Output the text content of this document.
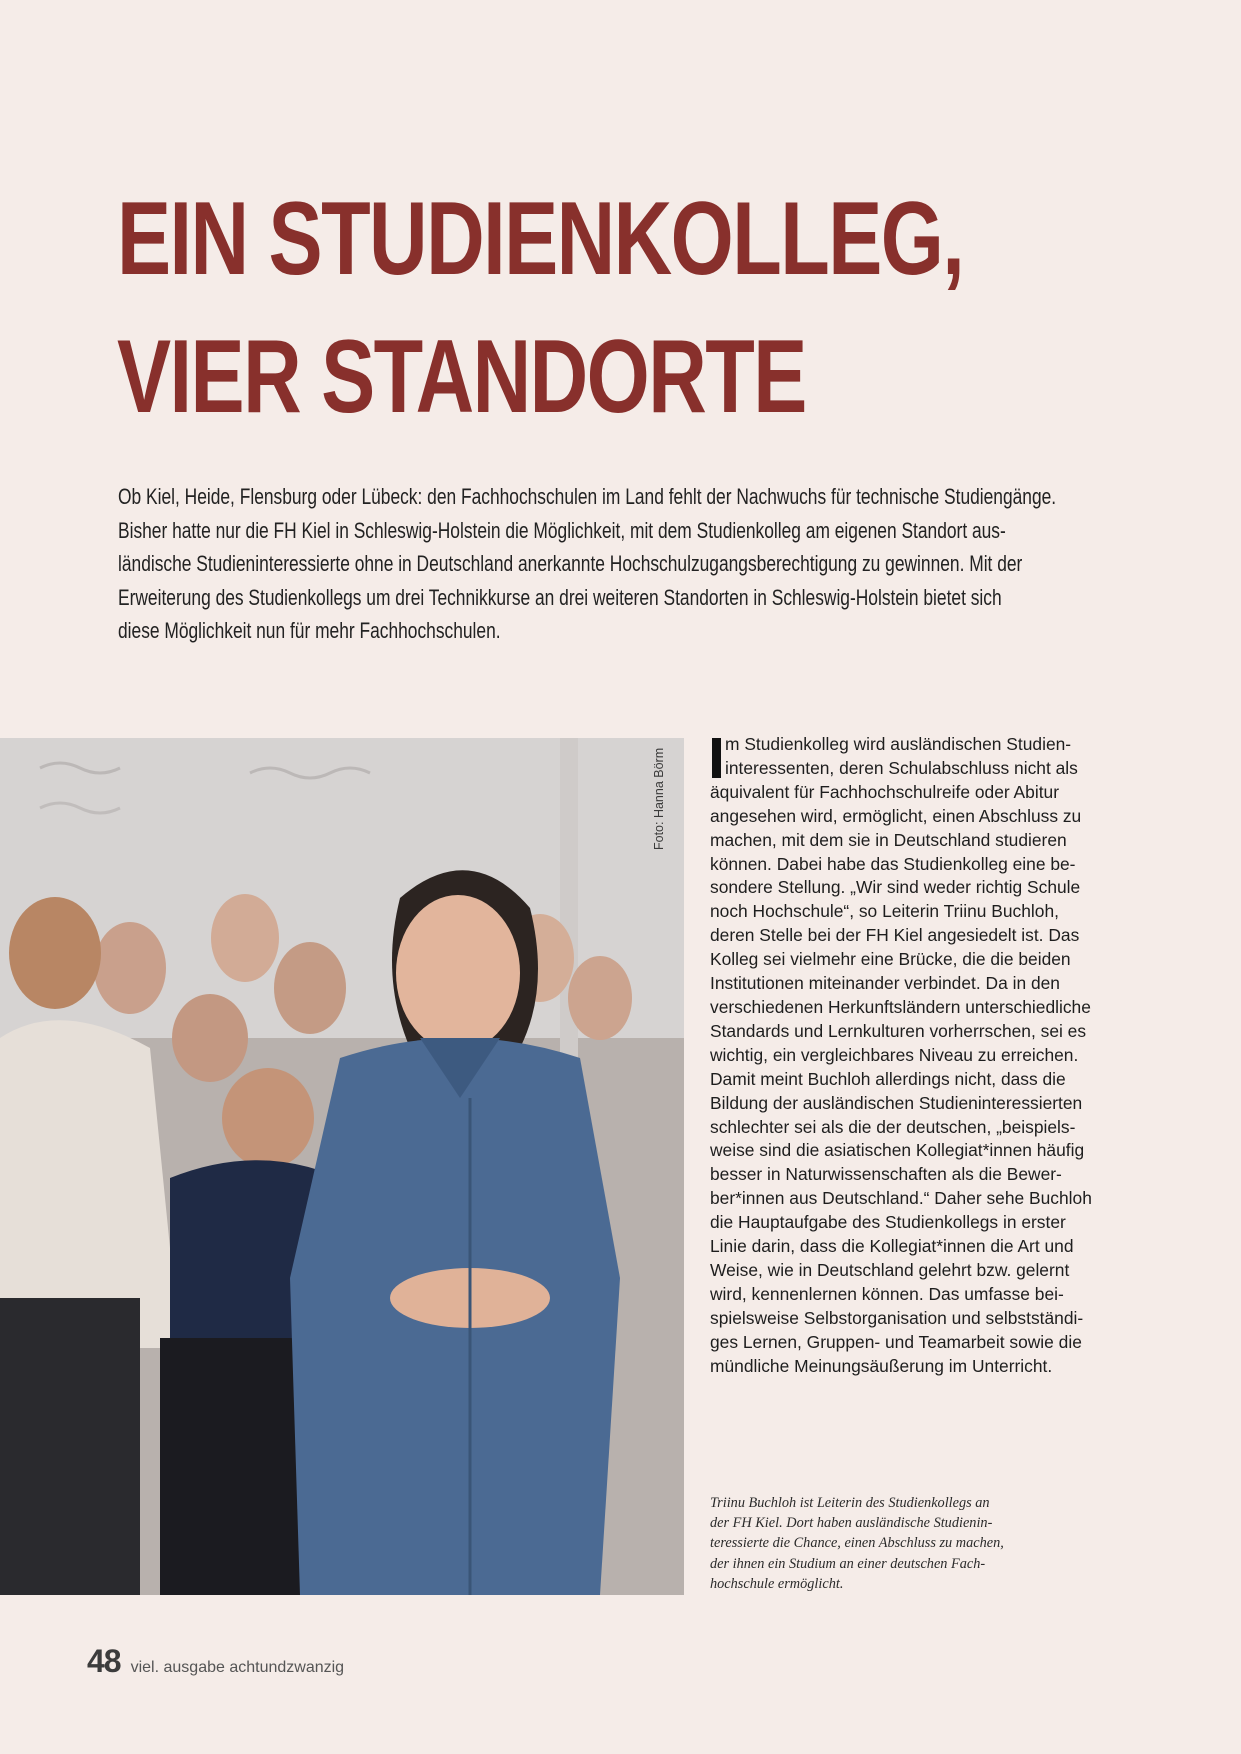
EIN STUDIENKOLLEG,
VIER STANDORTE

Ob Kiel, Heide, Flensburg oder Lübeck: den Fachhochschulen im Land fehlt der Nachwuchs für technische Studiengänge.
Bisher hatte nur die FH Kiel in Schleswig-Holstein die Möglichkeit, mit dem Studienkolleg am eigenen Standort aus-
ländische Studieninteressierte ohne in Deutschland anerkannte Hochschulzugangsberechtigung zu gewinnen. Mit der
Erweiterung des Studienkollegs um drei Technikkurse an drei weiteren Standorten in Schleswig-Holstein bietet sich
diese Möglichkeit nun für mehr Fachhochschulen.

Foto: Hanna Börm

m Studienkolleg wird ausländischen Studien-
interessenten, deren Schulabschluss nicht als
äquivalent für Fachhochschulreife oder Abitur
angesehen wird, ermöglicht, einen Abschluss zu
machen, mit dem sie in Deutschland studieren
können. Dabei habe das Studienkolleg eine be-
sondere Stellung. „Wir sind weder richtig Schule
noch Hochschule“, so Leiterin Triinu Buchloh,
deren Stelle bei der FH Kiel angesiedelt ist. Das
Kolleg sei vielmehr eine Brücke, die die beiden
Institutionen miteinander verbindet. Da in den
verschiedenen Herkunftsländern unterschiedliche
Standards und Lernkulturen vorherrschen, sei es
wichtig, ein vergleichbares Niveau zu erreichen.
Damit meint Buchloh allerdings nicht, dass die
Bildung der ausländischen Studieninteressierten
schlechter sei als die der deutschen, „beispiels-
weise sind die asiatischen Kollegiat*innen häufig
besser in Naturwissenschaften als die Bewer-
ber*innen aus Deutschland.“ Daher sehe Buchloh
die Hauptaufgabe des Studienkollegs in erster
Linie darin, dass die Kollegiat*innen die Art und
Weise, wie in Deutschland gelehrt bzw. gelernt
wird, kennenlernen können. Das umfasse bei-
spielsweise Selbstorganisation und selbstständi-
ges Lernen, Gruppen- und Teamarbeit sowie die
mündliche Meinungsäußerung im Unterricht.

Triinu Buchloh ist Leiterin des Studienkollegs an
der FH Kiel. Dort haben ausländische Studienin-
teressierte die Chance, einen Abschluss zu machen,
der ihnen ein Studium an einer deutschen Fach-
hochschule ermöglicht.

48 viel. ausgabe achtundzwanzig
